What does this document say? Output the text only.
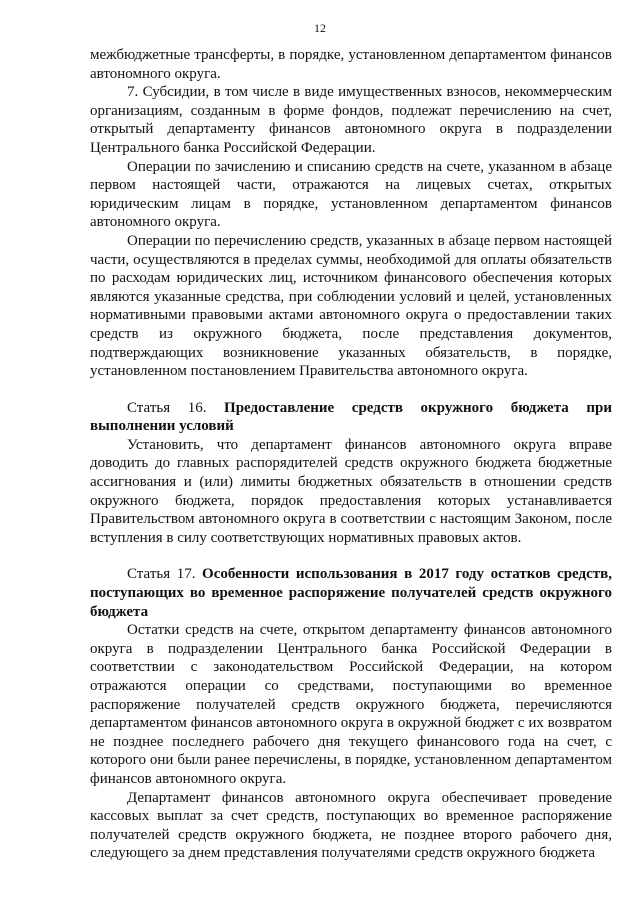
12

межбюджетные трансферты, в порядке, установленном департаментом финансов автономного округа.

7. Субсидии, в том числе в виде имущественных взносов, некоммерческим организациям, созданным в форме фондов, подлежат перечислению на счет, открытый департаменту финансов автономного округа в подразделении Центрального банка Российской Федерации.

Операции по зачислению и списанию средств на счете, указанном в абзаце первом настоящей части, отражаются на лицевых счетах, открытых юридическим лицам в порядке, установленном департаментом финансов автономного округа.

Операции по перечислению средств, указанных в абзаце первом настоящей части, осуществляются в пределах суммы, необходимой для оплаты обязательств по расходам юридических лиц, источником финансового обеспечения которых являются указанные средства, при соблюдении условий и целей, установленных нормативными правовыми актами автономного округа о предоставлении таких средств из окружного бюджета, после представления документов, подтверждающих возникновение указанных обязательств, в порядке, установленном постановлением Правительства автономного округа.

Статья 16. Предоставление средств окружного бюджета при выполнении условий

Установить, что департамент финансов автономного округа вправе доводить до главных распорядителей средств окружного бюджета бюджетные ассигнования и (или) лимиты бюджетных обязательств в отношении средств окружного бюджета, порядок предоставления которых устанавливается Правительством автономного округа в соответствии с настоящим Законом, после вступления в силу соответствующих нормативных правовых актов.

Статья 17. Особенности использования в 2017 году остатков средств, поступающих во временное распоряжение получателей средств окружного бюджета

Остатки средств на счете, открытом департаменту финансов автономного округа в подразделении Центрального банка Российской Федерации в соответствии с законодательством Российской Федерации, на котором отражаются операции со средствами, поступающими во временное распоряжение получателей средств окружного бюджета, перечисляются департаментом финансов автономного округа в окружной бюджет с их возвратом не позднее последнего рабочего дня текущего финансового года на счет, с которого они были ранее перечислены, в порядке, установленном департаментом финансов автономного округа.

Департамент финансов автономного округа обеспечивает проведение кассовых выплат за счет средств, поступающих во временное распоряжение получателей средств окружного бюджета, не позднее второго рабочего дня, следующего за днем представления получателями средств окружного бюджета
